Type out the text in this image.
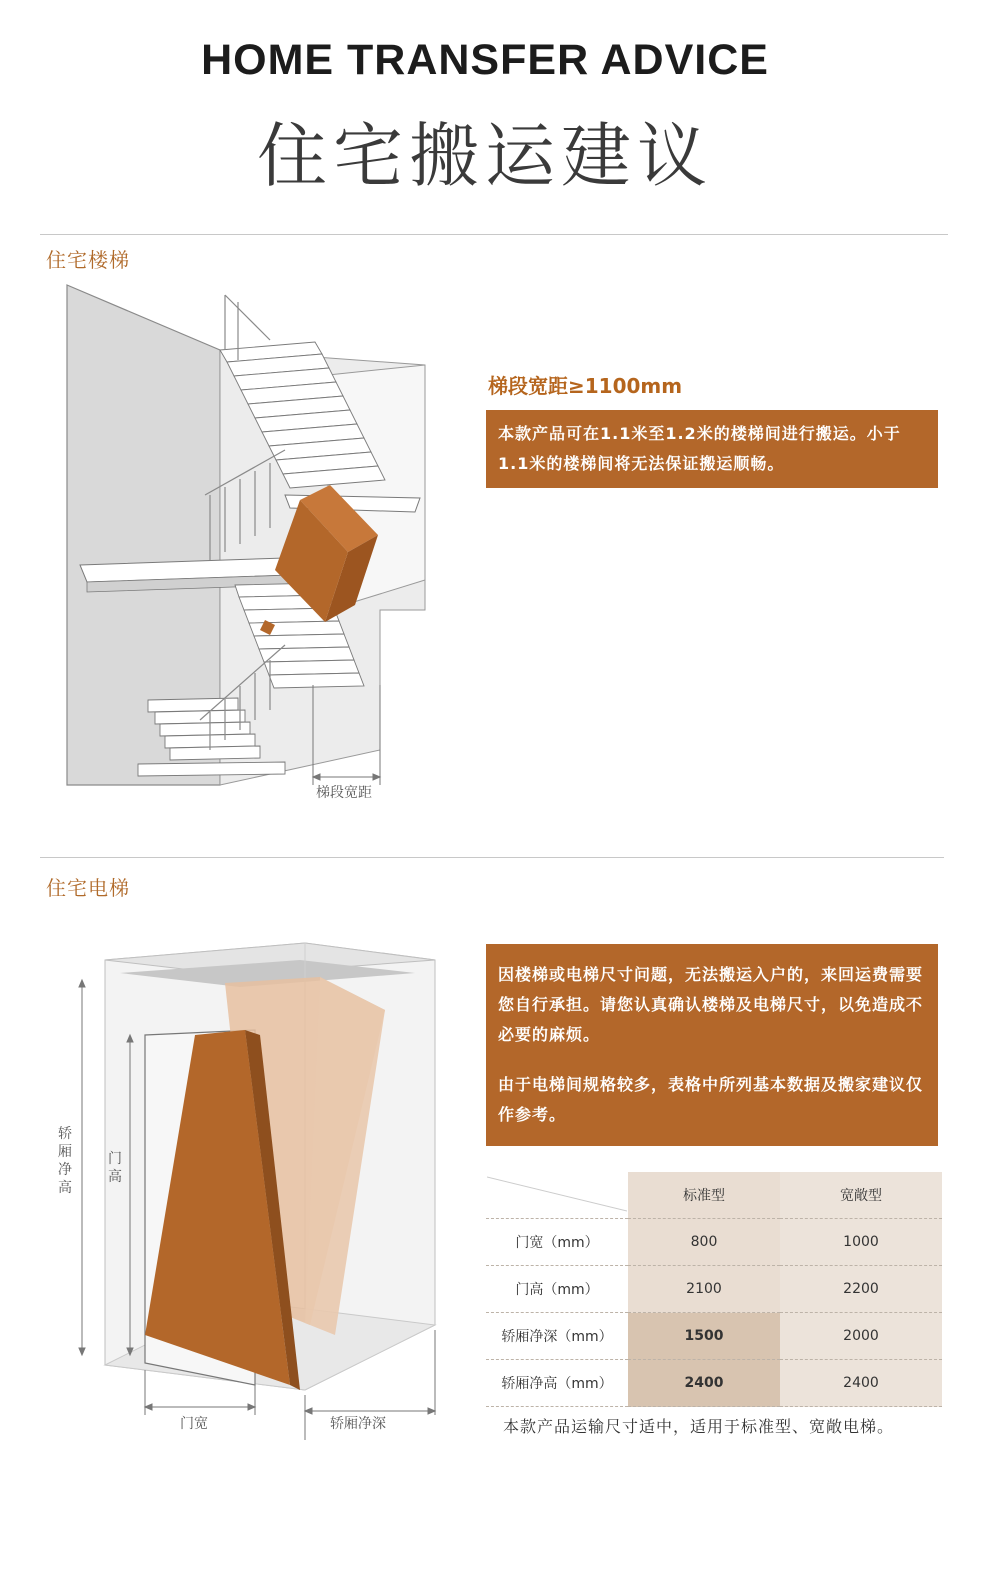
HOME TRANSFER ADVICE
住宅搬运建议
住宅楼梯
梯段宽距
梯段宽距≥1100mm

本款产品可在1.1米至1.2米的楼梯间进行搬运。小于1.1米的楼梯间将无法保证搬运顺畅。

住宅电梯
轿厢净高
门高
门宽	轿厢净深

因楼梯或电梯尺寸问题，无法搬运入户的，来回运费需要您自行承担。请您认真确认楼梯及电梯尺寸，以免造成不必要的麻烦。

由于电梯间规格较多，表格中所列基本数据及搬家建议仅作参考。

	标准型	宽敞型
门宽（mm）	800	1000
门高（mm）	2100	2200
轿厢净深（mm）	1500	2000
轿厢净高（mm）	2400	2400
本款产品运输尺寸适中，适用于标准型、宽敞电梯。
